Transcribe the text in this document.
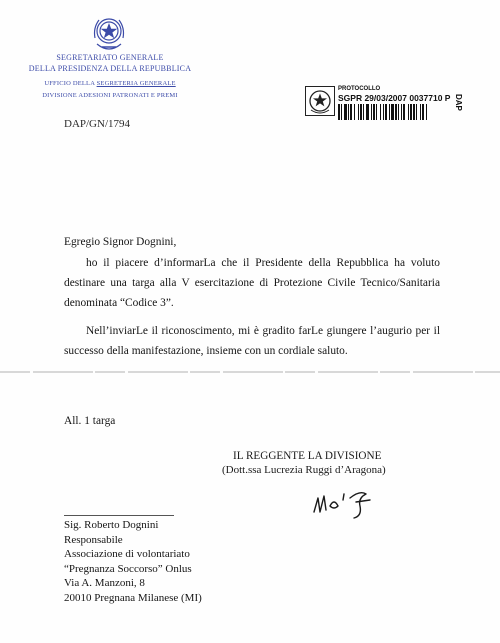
SEGRETARIATO GENERALE
DELLA PRESIDENZA DELLA REPUBBLICA
UFFICIO DELLA SEGRETERIA GENERALE
DIVISIONE ADESIONI PATRONATI E PREMI
DAP/GN/1794
PROTOCOLLO
SGPR 29/03/2007 0037710 P DAP
Egregio Signor Dognini,
ho il piacere d’informarLa che il Presidente della Repubblica ha voluto destinare una targa alla V esercitazione di Protezione Civile Tecnico/Sanitaria denominata “Codice 3”.
Nell’inviarLe il riconoscimento, mi è gradito farLe giungere l’augurio per il successo della manifestazione, insieme con un cordiale saluto.
All. 1 targa
IL REGGENTE LA DIVISIONE
(Dott.ssa Lucrezia Ruggi d’Aragona)
Sig. Roberto Dognini
Responsabile
Associazione di volontariato
“Pregnanza Soccorso” Onlus
Via A. Manzoni, 8
20010 Pregnana Milanese (MI)
